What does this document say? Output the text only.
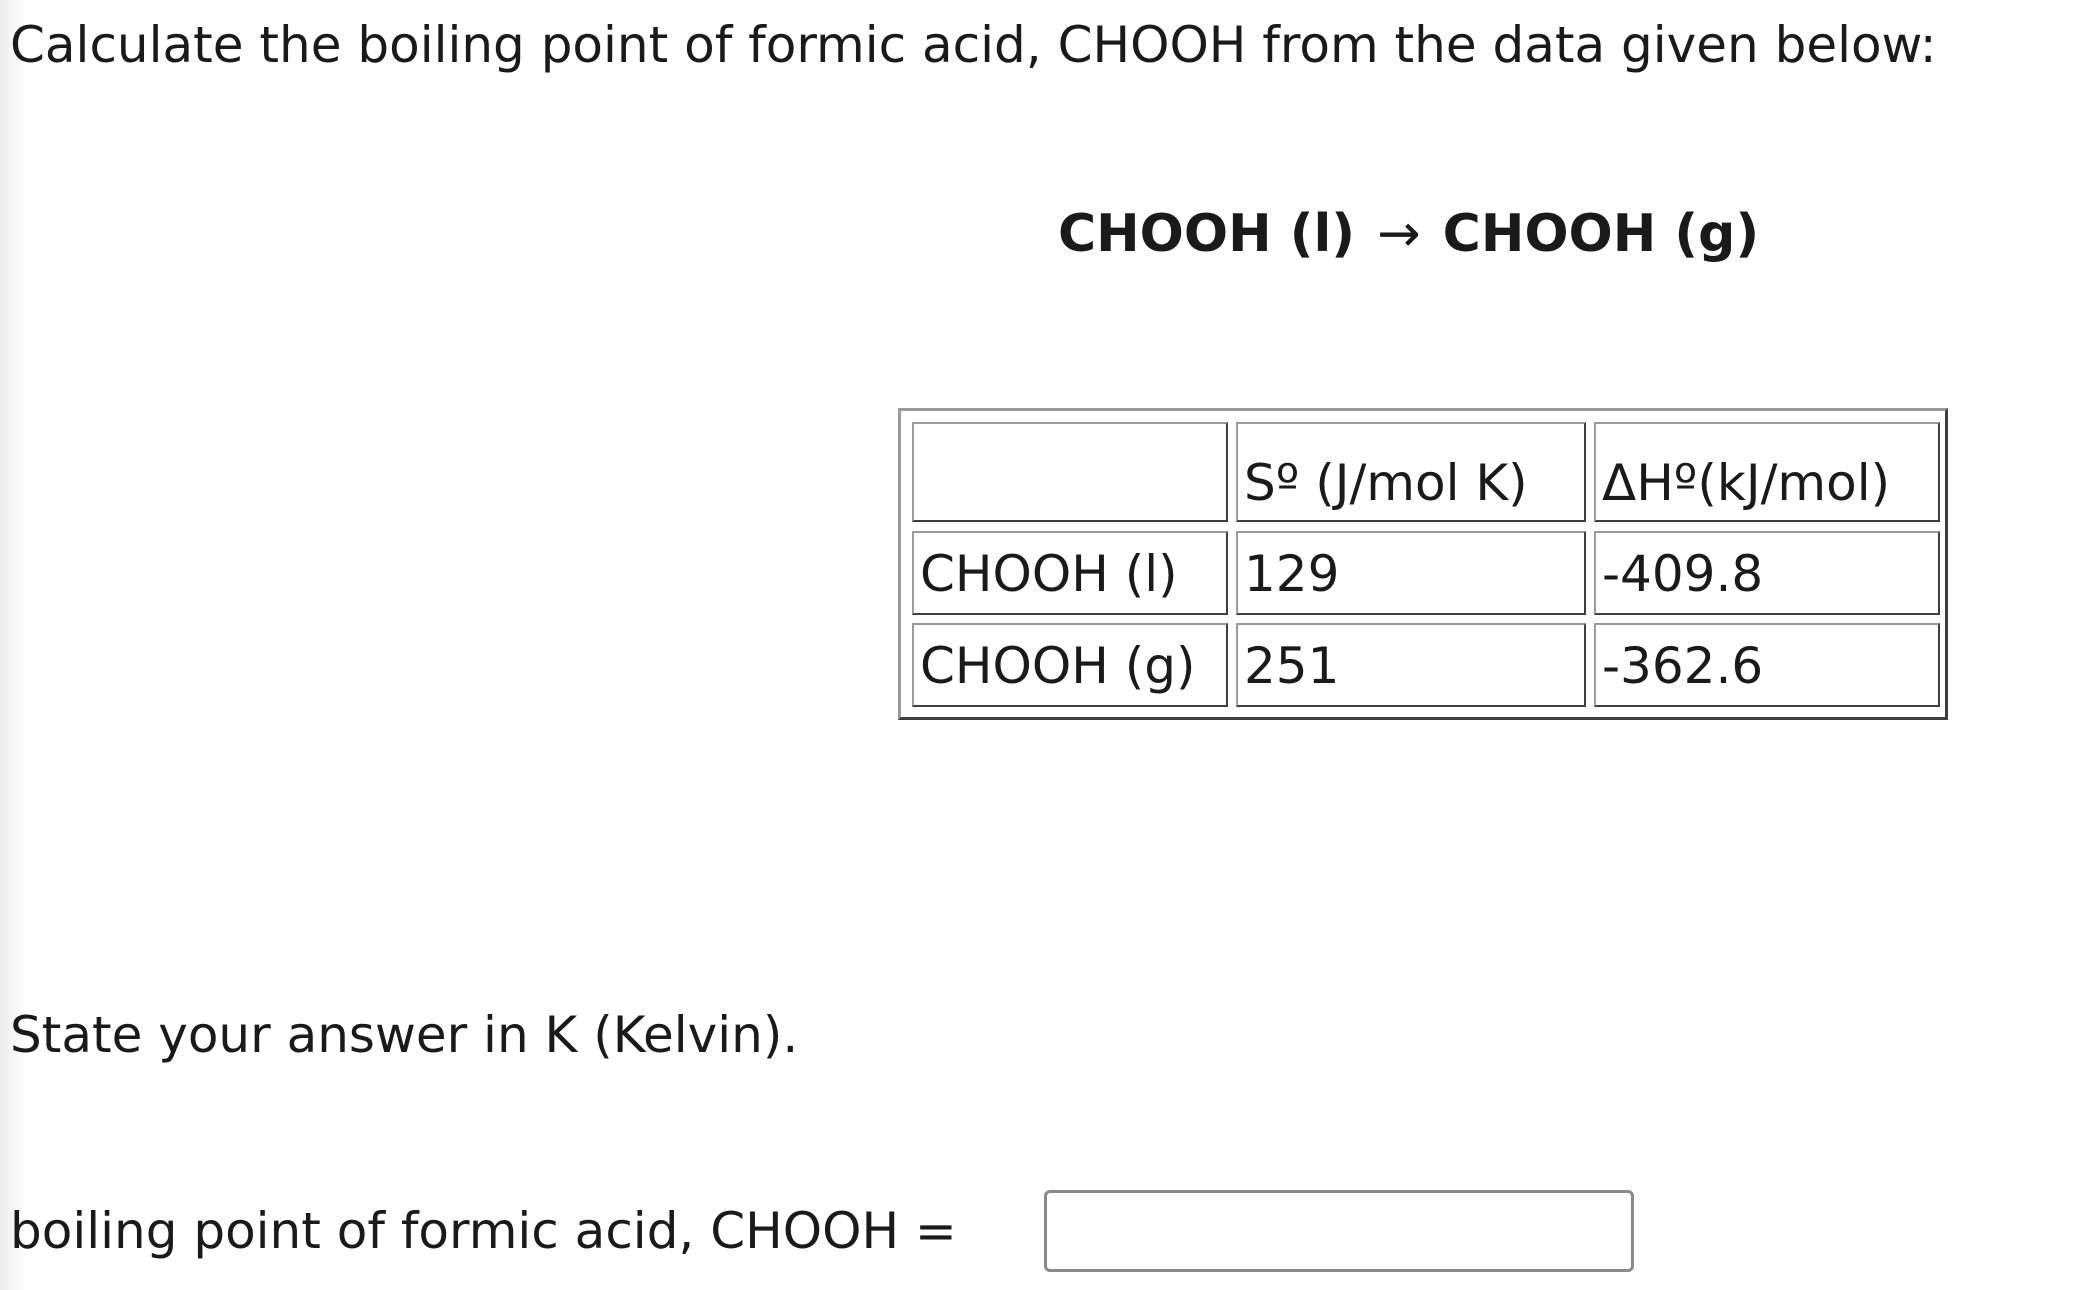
Calculate the boiling point of formic acid, CHOOH from the data given below:
CHOOH (l) → CHOOH (g)
Sº (J/mol K) ΔHº(kJ/mol)
CHOOH (l) 129	-409.8
CHOOH (g) 251	-362.6
State your answer in K (Kelvin).
boiling point of formic acid, CHOOH =
